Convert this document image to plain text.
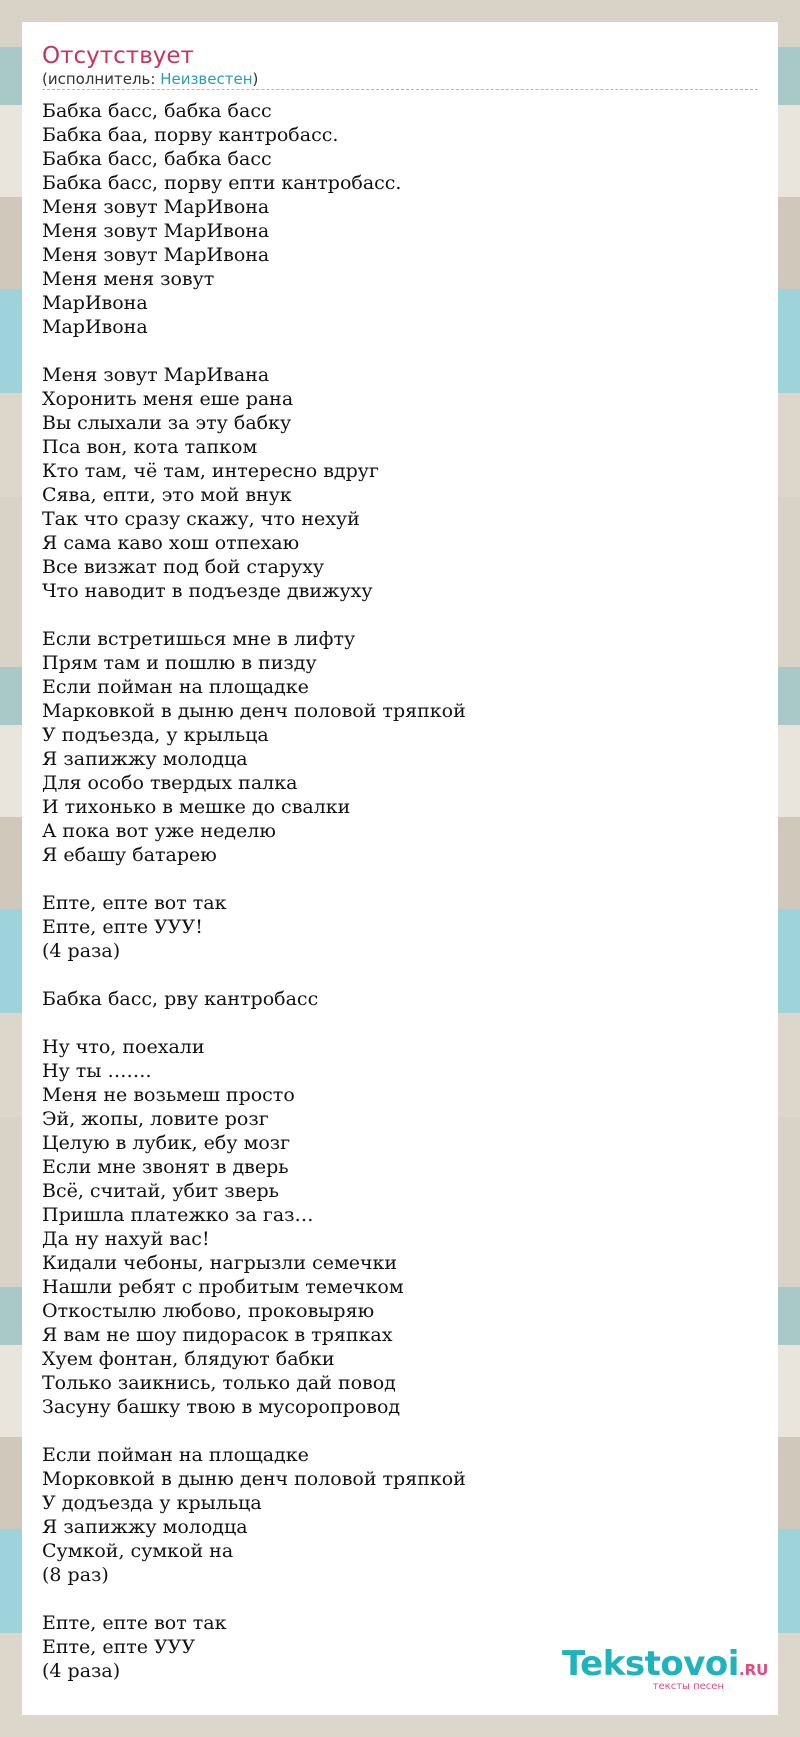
Отсутствует

(исполнитель: Неизвестен)

Бабка басс, бабка басс
Бабка баа, порву кантробасс.
Бабка басс, бабка басс
Бабка басс, порву епти кантробасс.
Меня зовут МарИвона
Меня зовут МарИвона
Меня зовут МарИвона
Меня меня зовут
МарИвона
МарИвона
Меня зовут МарИвана
Хоронить меня еше рана
Вы слыхали за эту бабку
Пса вон, кота тапком
Кто там, чё там, интересно вдруг
Сява, епти, это мой внук
Так что сразу скажу, что нехуй
Я сама каво хош отпехаю
Все визжат под бой старуху
Что наводит в подъезде движуху
Если встретишься мне в лифту
Прям там и пошлю в пизду
Если пойман на площадке
Марковкой в дыню денч половой тряпкой
У подъезда, у крыльца
Я запижжу молодца
Для особо твердых палка
И тихонько в мешке до свалки
А пока вот уже неделю
Я ебашу батарею
Епте, епте вот так
Епте, епте УУУ!
(4 раза)
Бабка басс, рву кантробасс
Ну что, поехали
Ну ты …….
Меня не возьмеш просто
Эй, жопы, ловите розг
Целую в лубик, ебу мозг
Если мне звонят в дверь
Всё, считай, убит зверь
Пришла платежко за газ…
Да ну нахуй вас!
Кидали чебоны, нагрызли семечки
Нашли ребят с пробитым темечком
Откостылю любово, проковыряю
Я вам не шоу пидорасок в тряпках
Хуем фонтан, блядуют бабки
Только заикнись, только дай повод
Засуну башку твою в мусоропровод
Если пойман на площадке
Морковкой в дыню денч половой тряпкой
У додъезда у крыльца
Я запижжу молодца
Сумкой, сумкой на
(8 раз)
Епте, епте вот так
Епте, епте УУУ
(4 раза)	Tekstovoi.RU
тексты песен
